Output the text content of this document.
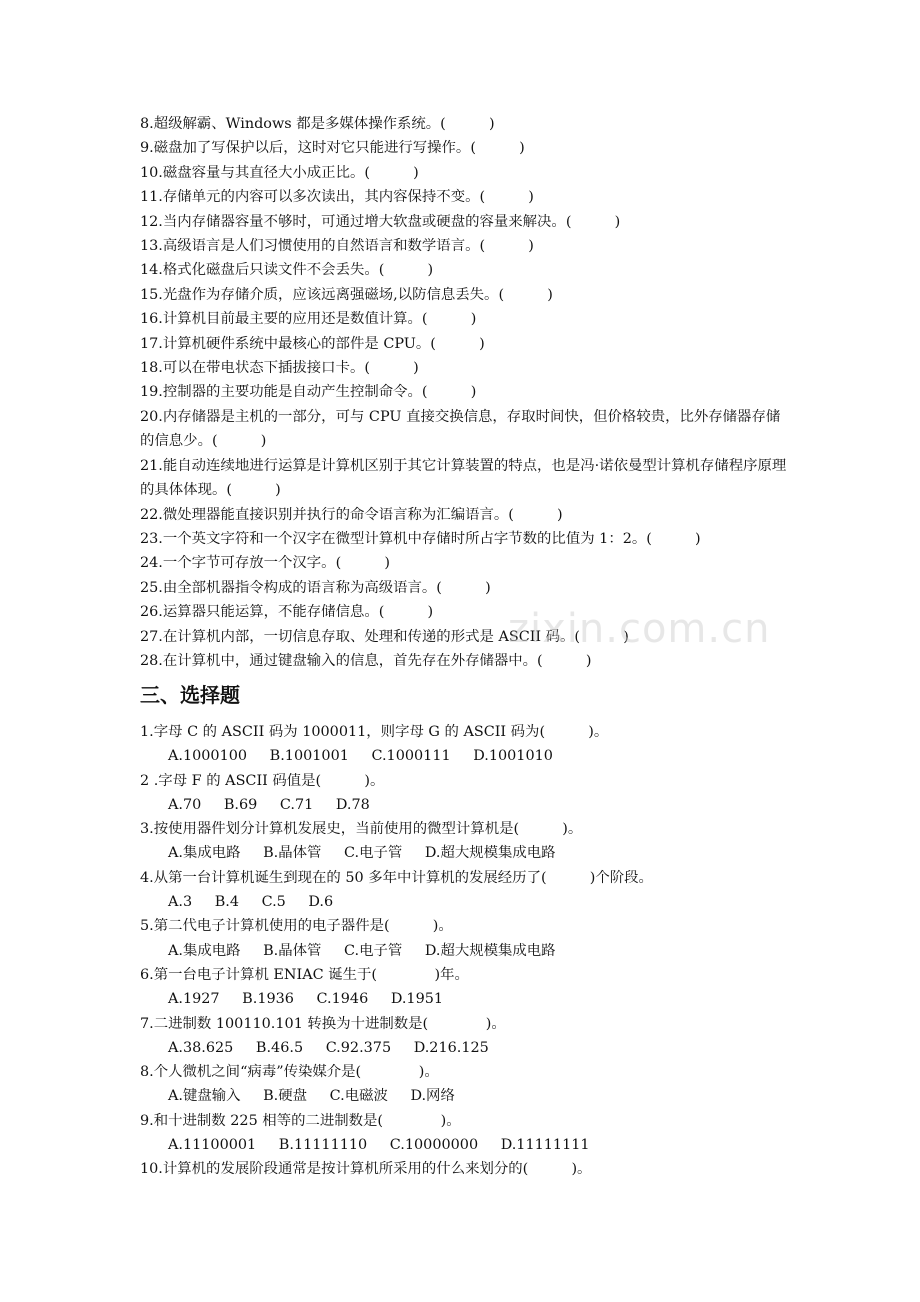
8.超级解霸、Windows 都是多媒体操作系统。(　　　)
9.磁盘加了写保护以后，这时对它只能进行写操作。(　　　)
10.磁盘容量与其直径大小成正比。(　　　)
11.存储单元的内容可以多次读出，其内容保持不变。(　　　)
12.当内存储器容量不够时，可通过增大软盘或硬盘的容量来解决。(　　　)
13.高级语言是人们习惯使用的自然语言和数学语言。(　　　)
14.格式化磁盘后只读文件不会丢失。(　　　)
15.光盘作为存储介质，应该远离强磁场,以防信息丢失。(　　　)
16.计算机目前最主要的应用还是数值计算。(　　　)
17.计算机硬件系统中最核心的部件是 CPU。(　　　)
18.可以在带电状态下插拔接口卡。(　　　)
19.控制器的主要功能是自动产生控制命令。(　　　)
20.内存储器是主机的一部分，可与 CPU 直接交换信息，存取时间快，但价格较贵，比外存储器存储的信息少。(　　　)
21.能自动连续地进行运算是计算机区别于其它计算装置的特点，也是冯·诺依曼型计算机存储程序原理的具体体现。(　　　)
22.微处理器能直接识别并执行的命令语言称为汇编语言。(　　　)
23.一个英文字符和一个汉字在微型计算机中存储时所占字节数的比值为 1：2。(　　　)
24.一个字节可存放一个汉字。(　　　)
25.由全部机器指令构成的语言称为高级语言。(　　　)
26.运算器只能运算，不能存储信息。(　　　)
27.在计算机内部，一切信息存取、处理和传递的形式是 ASCII 码。(　　　)
28.在计算机中，通过键盘输入的信息，首先存在外存储器中。(　　　)
三、选择题
1.字母 C 的 ASCII 码为 1000011，则字母 G 的 ASCII 码为(　　　)。
A.1000100 B.1001001 C.1000111 D.1001010
2 .字母 F 的 ASCII 码值是(　　　)。
A.70 B.69 C.71 D.78
3.按使用器件划分计算机发展史，当前使用的微型计算机是(　　　)。
A.集成电路 B.晶体管 C.电子管 D.超大规模集成电路
4.从第一台计算机诞生到现在的 50 多年中计算机的发展经历了(　　　)个阶段。
A.3 B.4 C.5 D.6
5.第二代电子计算机使用的电子器件是(　　　)。
A.集成电路 B.晶体管 C.电子管 D.超大规模集成电路
6.第一台电子计算机 ENIAC 诞生于(　　　　)年。
A.1927 B.1936 C.1946 D.1951
7.二进制数 100110.101 转换为十进制数是(　　　　)。
A.38.625 B.46.5 C.92.375 D.216.125
8.个人微机之间“病毒”传染媒介是(　　　　)。
A.键盘输入 B.硬盘 C.电磁波 D.网络
9.和十进制数 225 相等的二进制数是(　　　　)。
A.11100001 B.11111110 C.10000000 D.11111111
10.计算机的发展阶段通常是按计算机所采用的什么来划分的(　　　)。
zixin.com.cn
